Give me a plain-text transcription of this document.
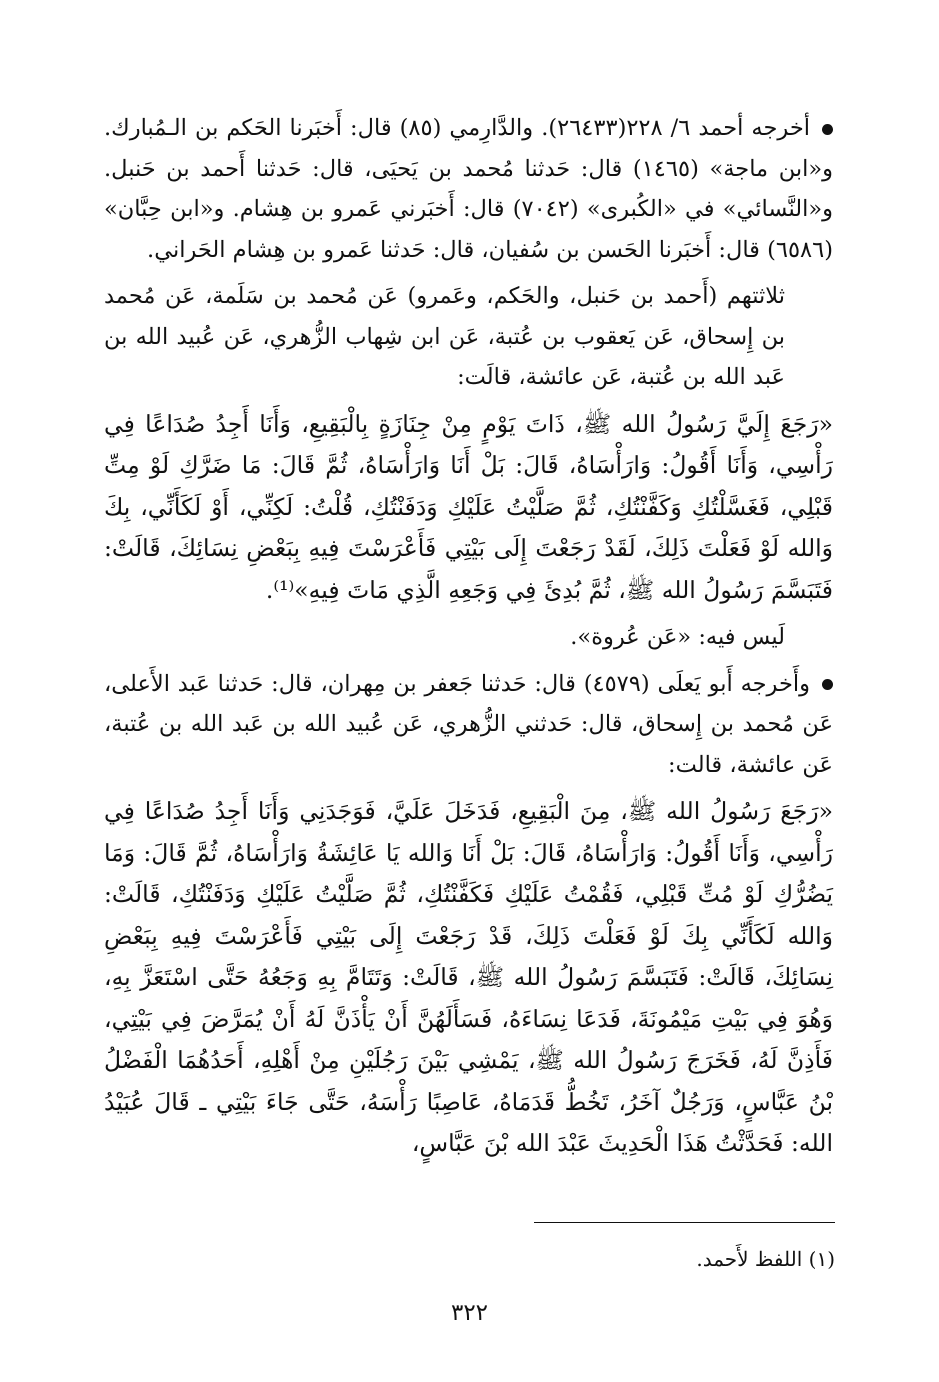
أخرجه أحمد ٦/ ٢٢٨(٢٦٤٣٣). والدَّارِمي (٨٥) قال: أَخبَرنا الحَكم بن الـمُبارك. و«ابن ماجة» (١٤٦٥) قال: حَدثنا مُحمد بن يَحيَى، قال: حَدثنا أَحمد بن حَنبل. و«النَّسائي» في «الكُبرى» (٧٠٤٢) قال: أَخبَرني عَمرو بن هِشام. و«ابن حِبَّان» (٦٥٨٦) قال: أَخبَرنا الحَسن بن سُفيان، قال: حَدثنا عَمرو بن هِشام الحَراني.

ثلاثتهم (أَحمد بن حَنبل، والحَكم، وعَمرو) عَن مُحمد بن سَلَمة، عَن مُحمد بن إِسحاق، عَن يَعقوب بن عُتبة، عَن ابن شِهاب الزُّهري، عَن عُبيد الله بن عَبد الله بن عُتبة، عَن عائشة، قالَت:

«رَجَعَ إِلَيَّ رَسُولُ الله ﷺ، ذَاتَ يَوْمٍ مِنْ جِنَازَةٍ بِالْبَقِيعِ، وَأَنَا أَجِدُ صُدَاعًا فِي رَأْسِي، وَأَنَا أَقُولُ: وَارَأْسَاهُ، قَالَ: بَلْ أَنَا وَارَأْسَاهُ، ثُمَّ قَالَ: مَا ضَرَّكِ لَوْ مِتِّ قَبْلِي، فَغَسَّلْتُكِ وَكَفَّنْتُكِ، ثُمَّ صَلَّيْتُ عَلَيْكِ وَدَفَنْتُكِ، قُلْتُ: لَكِنِّي، أَوْ لَكَأَنِّي، بِكَ وَالله لَوْ فَعَلْتَ ذَلِكَ، لَقَدْ رَجَعْتَ إِلَى بَيْتِي فَأَعْرَسْتَ فِيهِ بِبَعْضِ نِسَائِكَ، قَالَتْ: فَتَبَسَّمَ رَسُولُ الله ﷺ، ثُمَّ بُدِئَ فِي وَجَعِهِ الَّذِي مَاتَ فِيهِ»⁽¹⁾.

لَيس فيه: «عَن عُروة».

وأَخرجه أَبو يَعلَى (٤٥٧٩) قال: حَدثنا جَعفر بن مِهران، قال: حَدثنا عَبد الأَعلى، عَن مُحمد بن إِسحاق، قال: حَدثني الزُّهري، عَن عُبيد الله بن عَبد الله بن عُتبة، عَن عائشة، قالت:

«رَجَعَ رَسُولُ الله ﷺ، مِنَ الْبَقِيعِ، فَدَخَلَ عَلَيَّ، فَوَجَدَنِي وَأَنَا أَجِدُ صُدَاعًا فِي رَأْسِي، وَأَنَا أَقُولُ: وَارَأْسَاهُ، قَالَ: بَلْ أَنَا وَالله يَا عَائِشَةُ وَارَأْسَاهُ، ثُمَّ قَالَ: وَمَا يَضُرُّكِ لَوْ مُتِّ قَبْلِي، فَقُمْتُ عَلَيْكِ فَكَفَّنْتُكِ، ثُمَّ صَلَّيْتُ عَلَيْكِ وَدَفَنْتُكِ، قَالَتْ: وَالله لَكَأَنِّي بِكَ لَوْ فَعَلْتَ ذَلِكَ، قَدْ رَجَعْتَ إِلَى بَيْتِي فَأَعْرَسْتَ فِيهِ بِبَعْضِ نِسَائِكَ، قَالَتْ: فَتَبَسَّمَ رَسُولُ الله ﷺ، قَالَتْ: وَتَتَامَّ بِهِ وَجَعُهُ حَتَّى اسْتَعَزَّ بِهِ، وَهُوَ فِي بَيْتِ مَيْمُونَةَ، فَدَعَا نِسَاءَهُ، فَسَأَلَهُنَّ أَنْ يَأْذَنَّ لَهُ أَنْ يُمَرَّضَ فِي بَيْتِي، فَأَذِنَّ لَهُ، فَخَرَجَ رَسُولُ الله ﷺ، يَمْشِي بَيْنَ رَجُلَيْنِ مِنْ أَهْلِهِ، أَحَدُهُمَا الْفَضْلُ بْنُ عَبَّاسٍ، وَرَجُلٌ آخَرُ، تَخُطُّ قَدَمَاهُ، عَاصِبًا رَأْسَهُ، حَتَّى جَاءَ بَيْتِي ـ قَالَ عُبَيْدُ الله: فَحَدَّثْتُ هَذَا الْحَدِيثَ عَبْدَ الله بْنَ عَبَّاسٍ،

(١) اللفظ لأَحمد.
٣٢٢
